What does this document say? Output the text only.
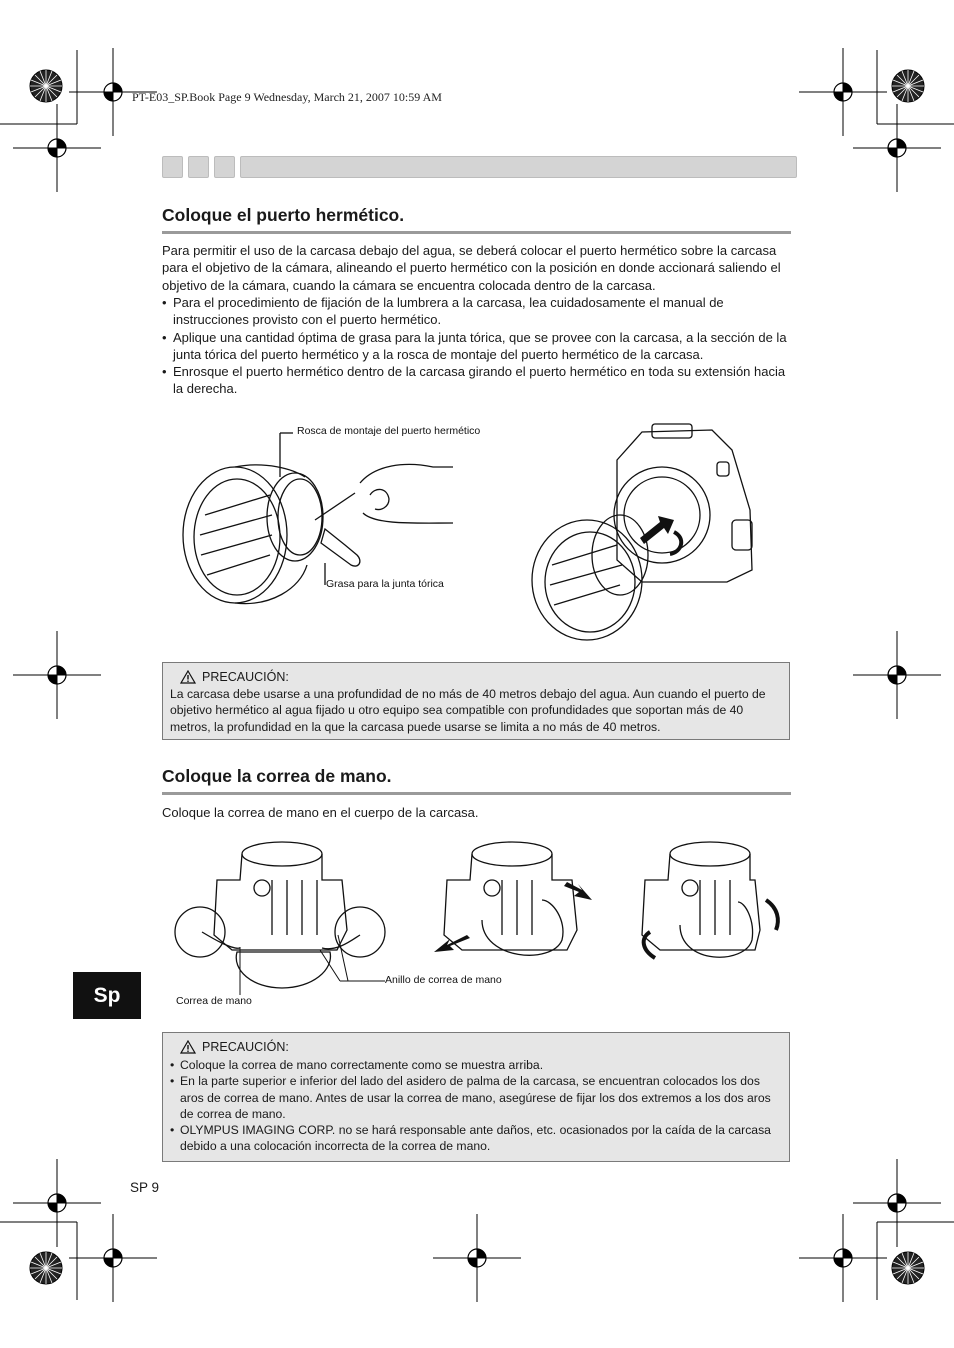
PT-E03_SP.Book Page 9 Wednesday, March 21, 2007 10:59 AM
Coloque el puerto hermético.

Para permitir el uso de la carcasa debajo del agua, se deberá colocar el puerto hermético sobre la carcasa para el objetivo de la cámara, alineando el puerto hermético con la posición en donde accionará saliendo el objetivo de la cámara, cuando la cámara se encuentra colocada dentro de la carcasa.

• Para el procedimiento de fijación de la lumbrera a la carcasa, lea cuidadosamente el manual de instrucciones provisto con el puerto hermético.
• Aplique una cantidad óptima de grasa para la junta tórica, que se provee con la carcasa, a la sección de la junta tórica del puerto hermético y a la rosca de montaje del puerto hermético de la carcasa.
• Enrosque el puerto hermético dentro de la carcasa girando el puerto hermético en toda su extensión hacia la derecha.
Rosca de montaje del puerto hermético
Grasa para la junta tórica
PRECAUCIÓN:
La carcasa debe usarse a una profundidad de no más de 40 metros debajo del agua. Aun cuando el puerto de objetivo hermético al agua fijado u otro equipo sea compatible con profundidades que soportan más de 40 metros, la profundidad en la que la carcasa puede usarse se limita a no más de 40 metros.
Coloque la correa de mano.

Coloque la correa de mano en el cuerpo de la carcasa.

Anillo de correa de mano
Correa de mano
PRECAUCIÓN:
• Coloque la correa de mano correctamente como se muestra arriba.
• En la parte superior e inferior del lado del asidero de palma de la carcasa, se encuentran colocados los dos aros de correa de mano. Antes de usar la correa de mano, asegúrese de fijar los dos extremos a los dos aros de correa de mano.
• OLYMPUS IMAGING CORP. no se hará responsable ante daños, etc. ocasionados por la caída de la carcasa debido a una colocación incorrecta de la correa de mano.
Sp
SP 9
